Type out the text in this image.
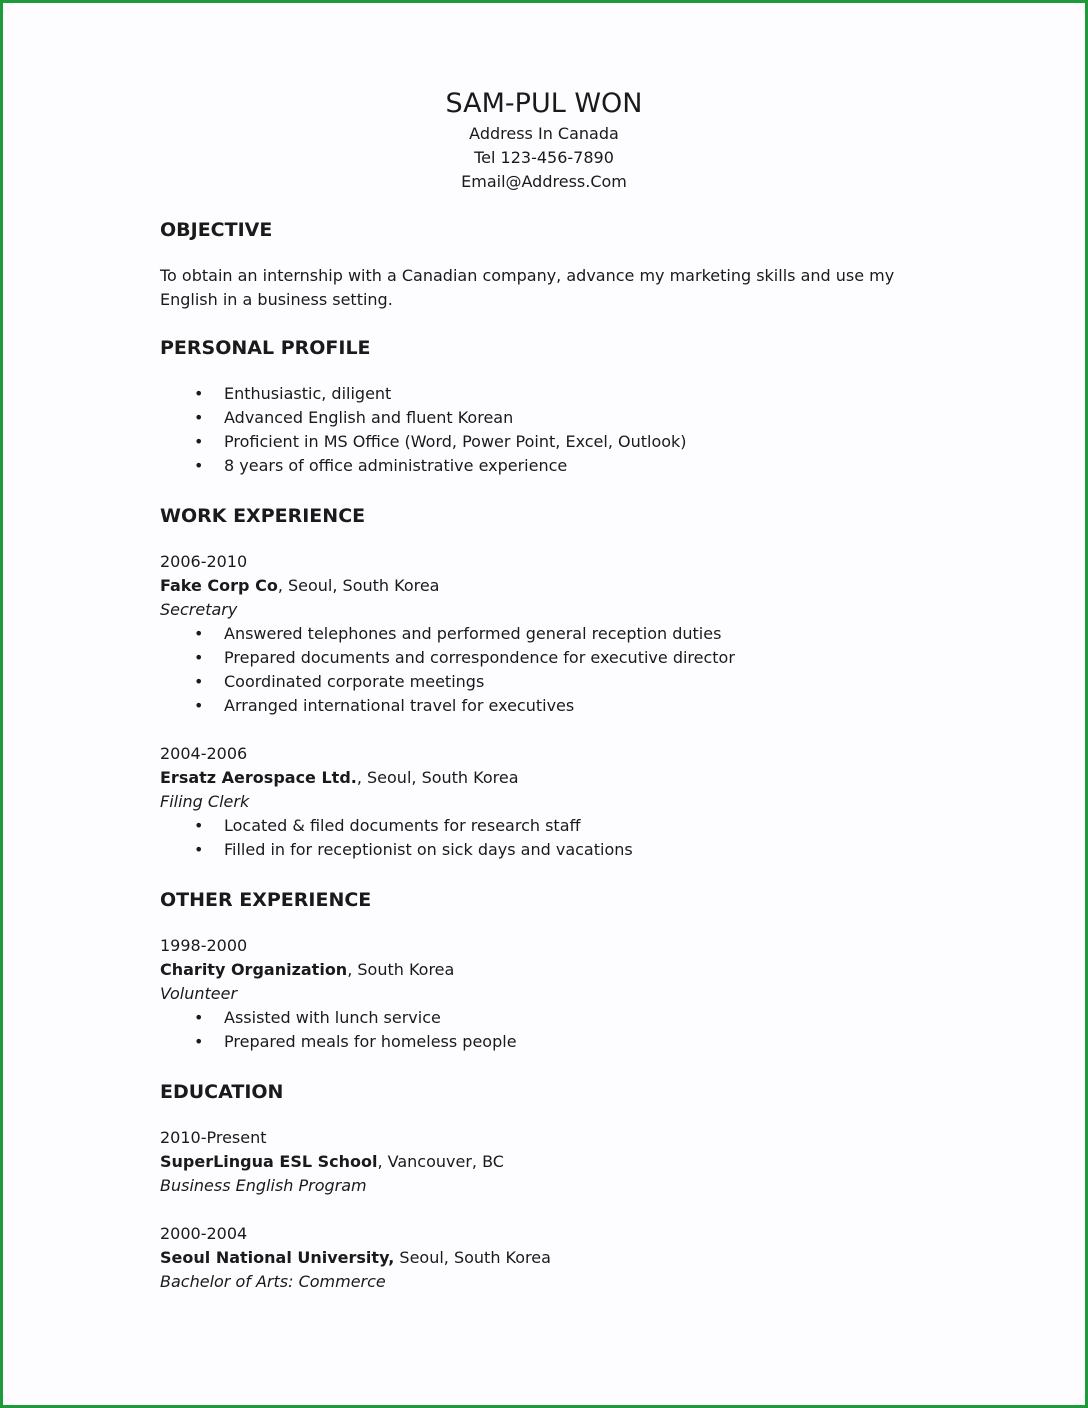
SAM-PUL WON
Address In Canada
Tel 123-456-7890
Email@Address.Com
OBJECTIVE

To obtain an internship with a Canadian company, advance my marketing skills and use my

English in a business setting.

PERSONAL PROFILE
• Enthusiastic, diligent
• Advanced English and fluent Korean
• Proficient in MS Office (Word, Power Point, Excel, Outlook)
• 8 years of office administrative experience
WORK EXPERIENCE

2006-2010

Fake Corp Co, Seoul, South Korea

Secretary

• Answered telephones and performed general reception duties
• Prepared documents and correspondence for executive director
• Coordinated corporate meetings
• Arranged international travel for executives

2004-2006

Ersatz Aerospace Ltd., Seoul, South Korea

Filing Clerk

• Located & filed documents for research staff
• Filled in for receptionist on sick days and vacations
OTHER EXPERIENCE

1998-2000

Charity Organization, South Korea

Volunteer

• Assisted with lunch service
• Prepared meals for homeless people
EDUCATION

2010-Present

SuperLingua ESL School, Vancouver, BC

Business English Program

2000-2004

Seoul National University, Seoul, South Korea

Bachelor of Arts: Commerce
